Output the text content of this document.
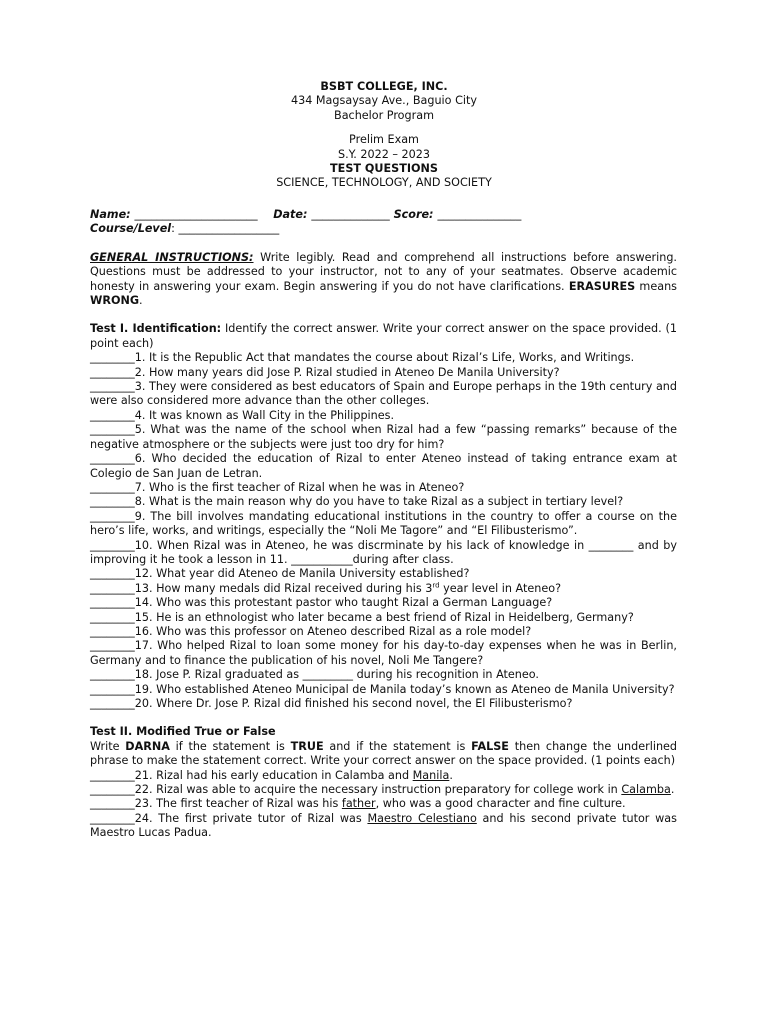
BSBT COLLEGE, INC.
434 Magsaysay Ave., Baguio City
Bachelor Program
Prelim Exam
S.Y. 2022 – 2023
TEST QUESTIONS
SCIENCE, TECHNOLOGY, AND SOCIETY
Name: ______________________ Date: ______________ Score: _______________
Course/Level: __________________
GENERAL INSTRUCTIONS: Write legibly. Read and comprehend all instructions before answering. Questions must be addressed to your instructor, not to any of your seatmates. Observe academic honesty in answering your exam. Begin answering if you do not have clarifications. ERASURES means WRONG.
Test I. Identification: Identify the correct answer. Write your correct answer on the space provided. (1 point each)
________1. It is the Republic Act that mandates the course about Rizal’s Life, Works, and Writings.
________2. How many years did Jose P. Rizal studied in Ateneo De Manila University?
________3. They were considered as best educators of Spain and Europe perhaps in the 19th century and were also considered more advance than the other colleges.
________4. It was known as Wall City in the Philippines.
________5. What was the name of the school when Rizal had a few “passing remarks” because of the negative atmosphere or the subjects were just too dry for him?
________6. Who decided the education of Rizal to enter Ateneo instead of taking entrance exam at Colegio de San Juan de Letran.
________7. Who is the first teacher of Rizal when he was in Ateneo?
________8. What is the main reason why do you have to take Rizal as a subject in tertiary level?
________9. The bill involves mandating educational institutions in the country to offer a course on the hero’s life, works, and writings, especially the “Noli Me Tagore” and “El Filibusterismo”.
________10. When Rizal was in Ateneo, he was discrminate by his lack of knowledge in ________ and by improving it he took a lesson in 11. ___________during after class.
________12. What year did Ateneo de Manila University established?
________13. How many medals did Rizal received during his 3rd year level in Ateneo?
________14. Who was this protestant pastor who taught Rizal a German Language?
________15. He is an ethnologist who later became a best friend of Rizal in Heidelberg, Germany?
________16. Who was this professor on Ateneo described Rizal as a role model?
________17. Who helped Rizal to loan some money for his day-to-day expenses when he was in Berlin, Germany and to finance the publication of his novel, Noli Me Tangere?
________18. Jose P. Rizal graduated as _________ during his recognition in Ateneo.
________19. Who established Ateneo Municipal de Manila today’s known as Ateneo de Manila University?
________20. Where Dr. Jose P. Rizal did finished his second novel, the El Filibusterismo?
Test II. Modified True or False
Write DARNA if the statement is TRUE and if the statement is FALSE then change the underlined phrase to make the statement correct. Write your correct answer on the space provided. (1 points each)
________21. Rizal had his early education in Calamba and Manila.
________22. Rizal was able to acquire the necessary instruction preparatory for college work in Calamba.
________23. The first teacher of Rizal was his father, who was a good character and fine culture.
________24. The first private tutor of Rizal was Maestro Celestiano and his second private tutor was Maestro Lucas Padua.
